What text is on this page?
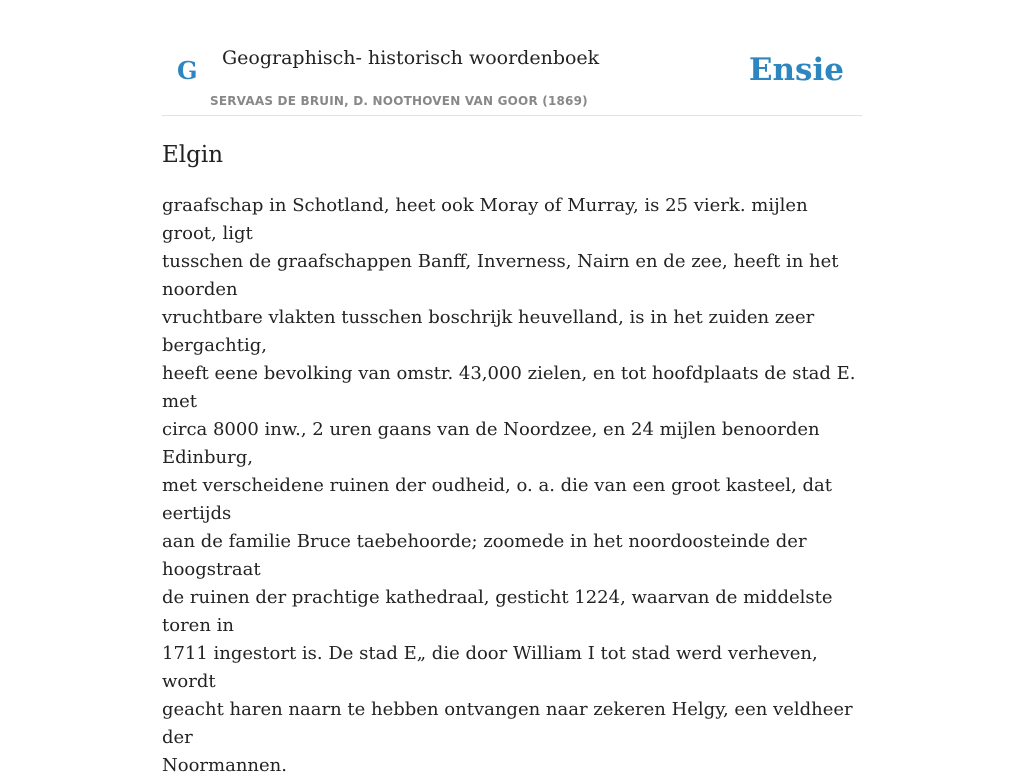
G Geographisch- historisch woordenboek
SERVAAS DE BRUIN, D. NOOTHOVEN VAN GOOR (1869)
Ensie
Elgin
graafschap in Schotland, heet ook Moray of Murray, is 25 vierk. mijlen groot, ligt
tusschen de graafschappen Banff, Inverness, Nairn en de zee, heeft in het noorden
vruchtbare vlakten tusschen boschrijk heuvelland, is in het zuiden zeer bergachtig,
heeft eene bevolking van omstr. 43,000 zielen, en tot hoofdplaats de stad E. met
circa 8000 inw., 2 uren gaans van de Noordzee, en 24 mijlen benoorden Edinburg,
met verscheidene ruinen der oudheid, o. a. die van een groot kasteel, dat eertijds
aan de familie Bruce taebehoorde; zoomede in het noordoosteinde der hoogstraat
de ruinen der prachtige kathedraal, gesticht 1224, waarvan de middelste toren in
1711 ingestort is. De stad E„ die door William I tot stad werd verheven, wordt
geacht haren naarn te hebben ontvangen naar zekeren Helgy, een veldheer der
Noormannen.
